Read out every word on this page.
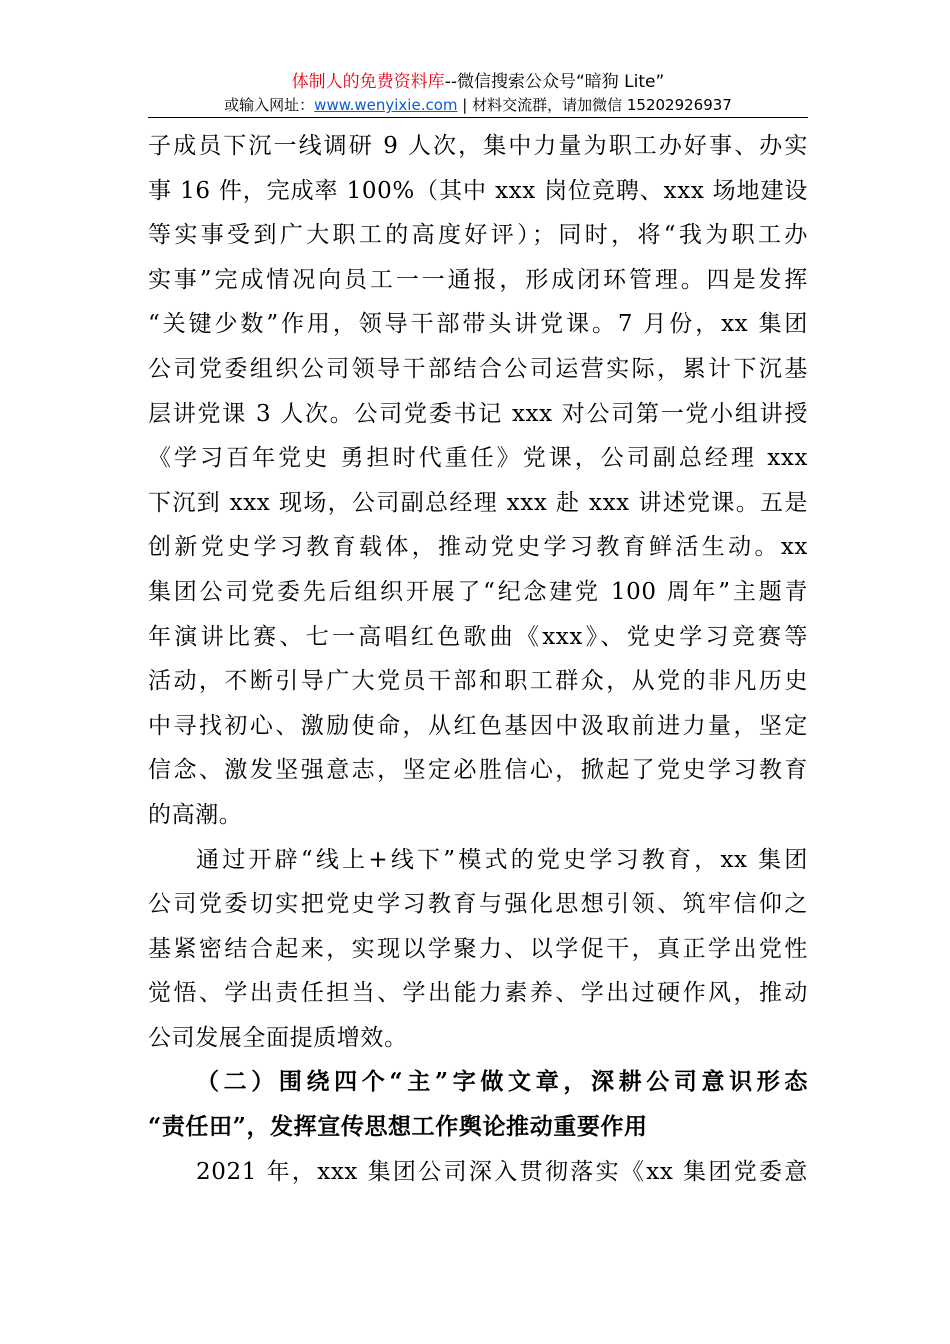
体制人的免费资料库--微信搜索公众号“暗狗 Lite”
或输入网址：www.wenyixie.com | 材料交流群，请加微信 15202926937
子成员下沉一线调研 9 人次，集中力量为职工办好事、办实
事 16 件，完成率 100%（其中 xxx 岗位竞聘、xxx 场地建设
等实事受到广大职工的高度好评）；同时，将“我为职工办
实事”完成情况向员工一一通报，形成闭环管理。四是发挥
“关键少数”作用，领导干部带头讲党课。7 月份，xx 集团
公司党委组织公司领导干部结合公司运营实际，累计下沉基
层讲党课 3 人次。公司党委书记 xxx 对公司第一党小组讲授
《学习百年党史 勇担时代重任》党课，公司副总经理 xxx
下沉到 xxx 现场，公司副总经理 xxx 赴 xxx 讲述党课。五是
创新党史学习教育载体，推动党史学习教育鲜活生动。xx
集团公司党委先后组织开展了“纪念建党 100 周年”主题青
年演讲比赛、七一高唱红色歌曲《xxx》、党史学习竞赛等
活动，不断引导广大党员干部和职工群众，从党的非凡历史
中寻找初心、激励使命，从红色基因中汲取前进力量，坚定
信念、激发坚强意志，坚定必胜信心，掀起了党史学习教育
的高潮。
通过开辟“线上+线下”模式的党史学习教育，xx 集团
公司党委切实把党史学习教育与强化思想引领、筑牢信仰之
基紧密结合起来，实现以学聚力、以学促干，真正学出党性
觉悟、学出责任担当、学出能力素养、学出过硬作风，推动
公司发展全面提质增效。
（二）围绕四个“主”字做文章，深耕公司意识形态
“责任田”，发挥宣传思想工作舆论推动重要作用
2021 年，xxx 集团公司深入贯彻落实《xx 集团党委意
